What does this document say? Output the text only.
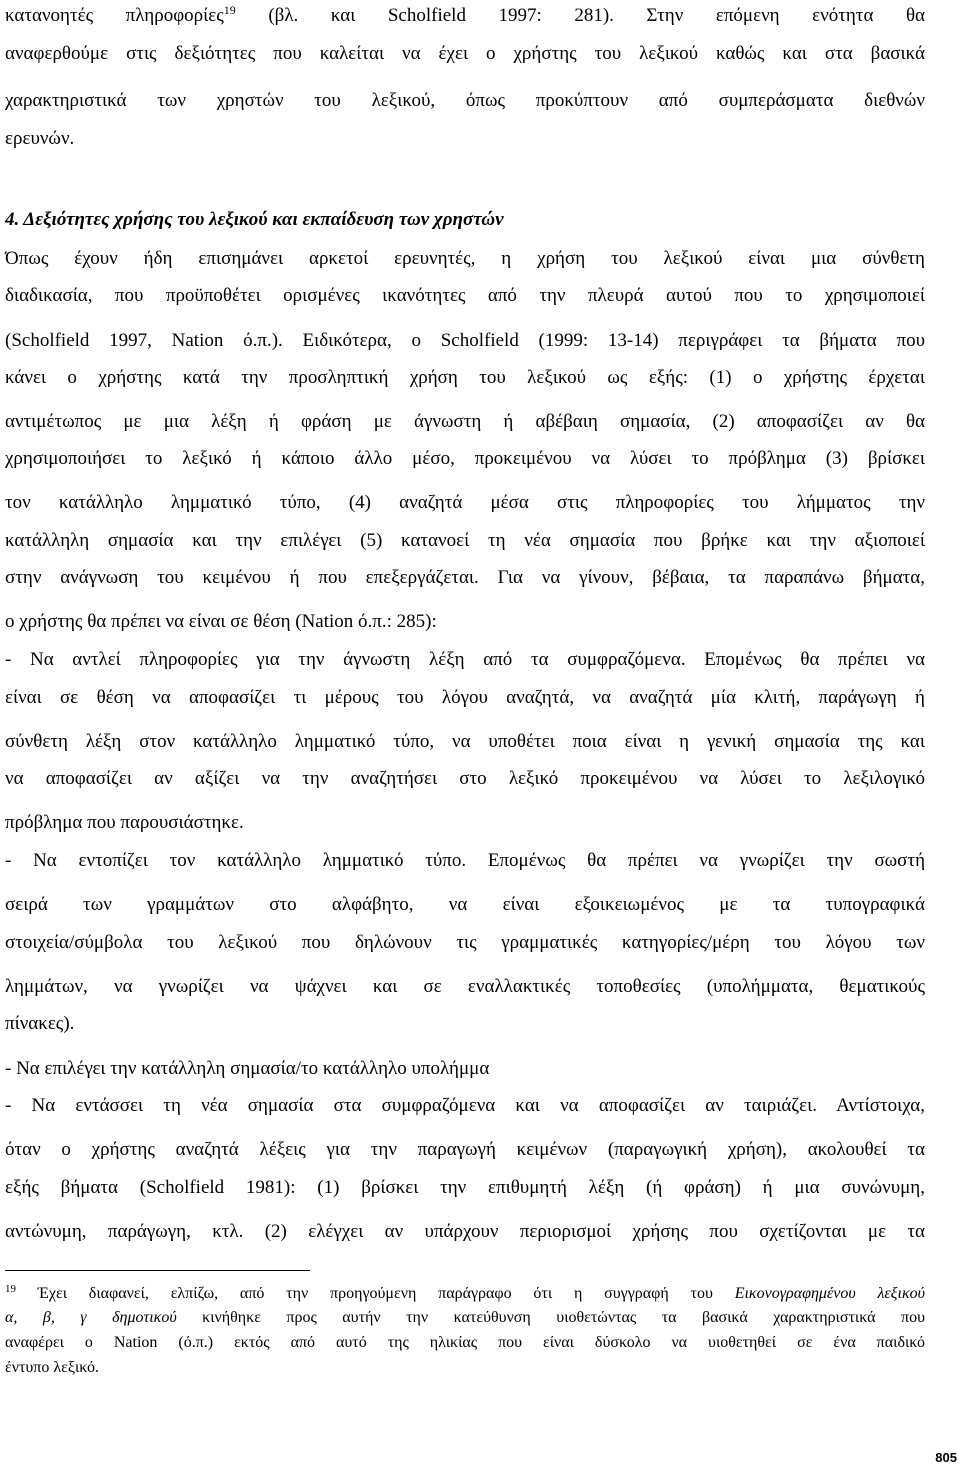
κατανοητές πληροφορίες$^{19}$ (βλ. και Scholfield 1997: 281). Στην επόμενη ενότητα θα
αναφερθούμε στις δεξιότητες που καλείται να έχει ο χρήστης του λεξικού καθώς και στα βασικά
χαρακτηριστικά των χρηστών του λεξικού, όπως προκύπτουν από συμπεράσματα διεθνών
ερευνών.
4. Δεξιότητες χρήσης του λεξικού και εκπαίδευση των χρηστών
Όπως έχουν ήδη επισημάνει αρκετοί ερευνητές, η χρήση του λεξικού είναι μια σύνθετη
διαδικασία, που προϋποθέτει ορισμένες ικανότητες από την πλευρά αυτού που το χρησιμοποιεί
(Scholfield 1997, Nation ό.π.). Ειδικότερα, ο Scholfield (1999: 13-14) περιγράφει τα βήματα που
κάνει ο χρήστης κατά την προσληπτική χρήση του λεξικού ως εξής: (1) ο χρήστης έρχεται
αντιμέτωπος με μια λέξη ή φράση με άγνωστη ή αβέβαιη σημασία, (2) αποφασίζει αν θα
χρησιμοποιήσει το λεξικό ή κάποιο άλλο μέσο, προκειμένου να λύσει το πρόβλημα (3) βρίσκει
τον κατάλληλο λημματικό τύπο, (4) αναζητά μέσα στις πληροφορίες του λήμματος την
κατάλληλη σημασία και την επιλέγει (5) κατανοεί τη νέα σημασία που βρήκε και την αξιοποιεί
στην ανάγνωση του κειμένου ή που επεξεργάζεται. Για να γίνουν, βέβαια, τα παραπάνω βήματα,
ο χρήστης θα πρέπει να είναι σε θέση (Nation ό.π.: 285):
- Να αντλεί πληροφορίες για την άγνωστη λέξη από τα συμφραζόμενα. Επομένως θα πρέπει να
είναι σε θέση να αποφασίζει τι μέρους του λόγου αναζητά, να αναζητά μία κλιτή, παράγωγη ή
σύνθετη λέξη στον κατάλληλο λημματικό τύπο, να υποθέτει ποια είναι η γενική σημασία της και
να αποφασίζει αν αξίζει να την αναζητήσει στο λεξικό προκειμένου να λύσει το λεξιλογικό
πρόβλημα που παρουσιάστηκε.
- Να εντοπίζει τον κατάλληλο λημματικό τύπο. Επομένως θα πρέπει να γνωρίζει την σωστή
σειρά των γραμμάτων στο αλφάβητο, να είναι εξοικειωμένος με τα τυπογραφικά
στοιχεία/σύμβολα του λεξικού που δηλώνουν τις γραμματικές κατηγορίες/μέρη του λόγου των
λημμάτων, να γνωρίζει να ψάχνει και σε εναλλακτικές τοποθεσίες (υπολήμματα, θεματικούς
πίνακες).
- Να επιλέγει την κατάλληλη σημασία/το κατάλληλο υπολήμμα
- Να εντάσσει τη νέα σημασία στα συμφραζόμενα και να αποφασίζει αν ταιριάζει. Αντίστοιχα,
όταν ο χρήστης αναζητά λέξεις για την παραγωγή κειμένων (παραγωγική χρήση), ακολουθεί τα
εξής βήματα (Scholfield 1981): (1) βρίσκει την επιθυμητή λέξη (ή φράση) ή μια συνώνυμη,
αντώνυμη, παράγωγη, κτλ. (2) ελέγχει αν υπάρχουν περιορισμοί χρήσης που σχετίζονται με τα
$^{19}$ Έχει διαφανεί, ελπίζω, από την προηγούμενη παράγραφο ότι η συγγραφή του Εικονογραφημένου λεξικού
α, β, γ δημοτικού κινήθηκε προς αυτήν την κατεύθυνση υιοθετώντας τα βασικά χαρακτηριστικά που
αναφέρει ο Nation (ό.π.) εκτός από αυτό της ηλικίας που είναι δύσκολο να υιοθετηθεί σε ένα παιδικό
έντυπο λεξικό.
805
